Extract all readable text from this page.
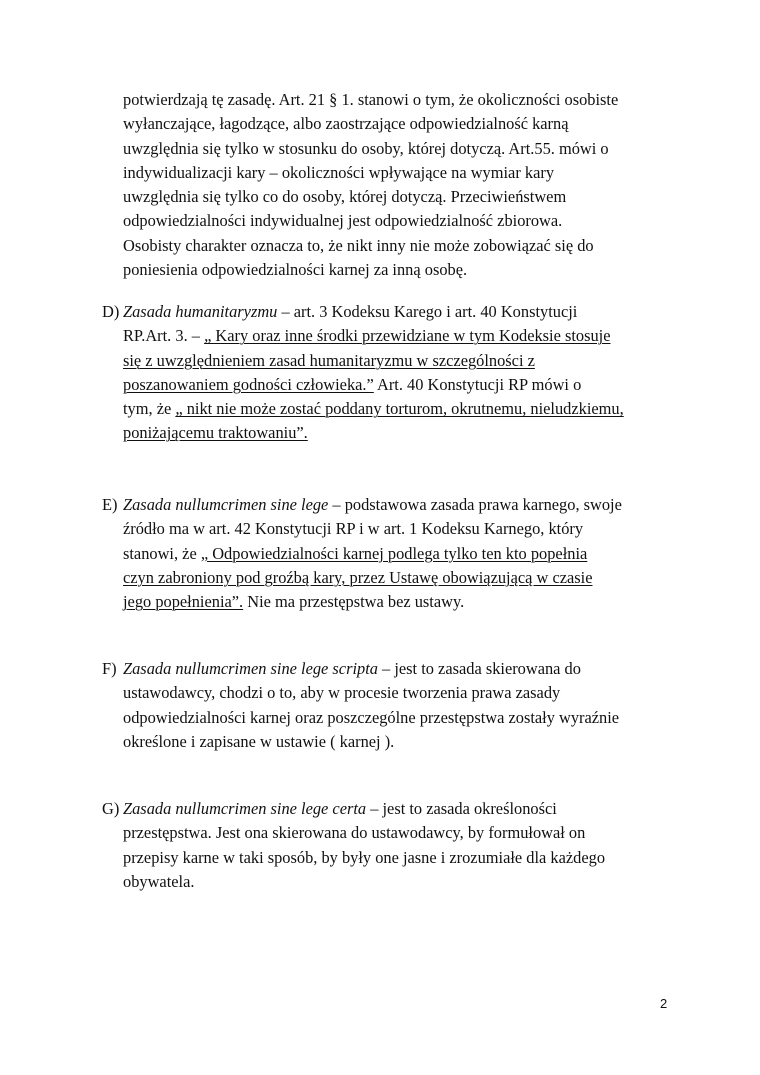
potwierdzają tę zasadę. Art. 21 § 1. stanowi o tym, że okoliczności osobiste
wyłanczające, łagodzące, albo zaostrzające odpowiedzialność karną
uwzględnia się tylko w stosunku do osoby, której dotyczą. Art.55. mówi o
indywidualizacji kary – okoliczności wpływające na wymiar kary
uwzględnia się tylko co do osoby, której dotyczą. Przeciwieństwem
odpowiedzialności indywidualnej jest odpowiedzialność zbiorowa.
Osobisty charakter oznacza to, że nikt inny nie może zobowiązać się do
poniesienia odpowiedzialności karnej za inną osobę.
D) Zasada humanitaryzmu – art. 3 Kodeksu Karego i art. 40 Konstytucji
RP.Art. 3. – „ Kary oraz inne środki przewidziane w tym Kodeksie stosuje
się z uwzględnieniem zasad humanitaryzmu w szczególności z
poszanowaniem godności człowieka.” Art. 40 Konstytucji RP mówi o
tym, że „ nikt nie może zostać poddany torturom, okrutnemu, nieludzkiemu,
poniżającemu traktowaniu”.
E) Zasada nullumcrimen sine lege – podstawowa zasada prawa karnego, swoje
źródło ma w art. 42 Konstytucji RP i w art. 1 Kodeksu Karnego, który
stanowi, że „ Odpowiedzialności karnej podlega tylko ten kto popełnia
czyn zabroniony pod groźbą kary, przez Ustawę obowiązującą w czasie
jego popełnienia”. Nie ma przestępstwa bez ustawy.
F) Zasada nullumcrimen sine lege scripta – jest to zasada skierowana do
ustawodawcy, chodzi o to, aby w procesie tworzenia prawa zasady
odpowiedzialności karnej oraz poszczególne przestępstwa zostały wyraźnie
określone i zapisane w ustawie ( karnej ).
G) Zasada nullumcrimen sine lege certa – jest to zasada określoności
przestępstwa. Jest ona skierowana do ustawodawcy, by formułował on
przepisy karne w taki sposób, by były one jasne i zrozumiałe dla każdego
obywatela.
2
